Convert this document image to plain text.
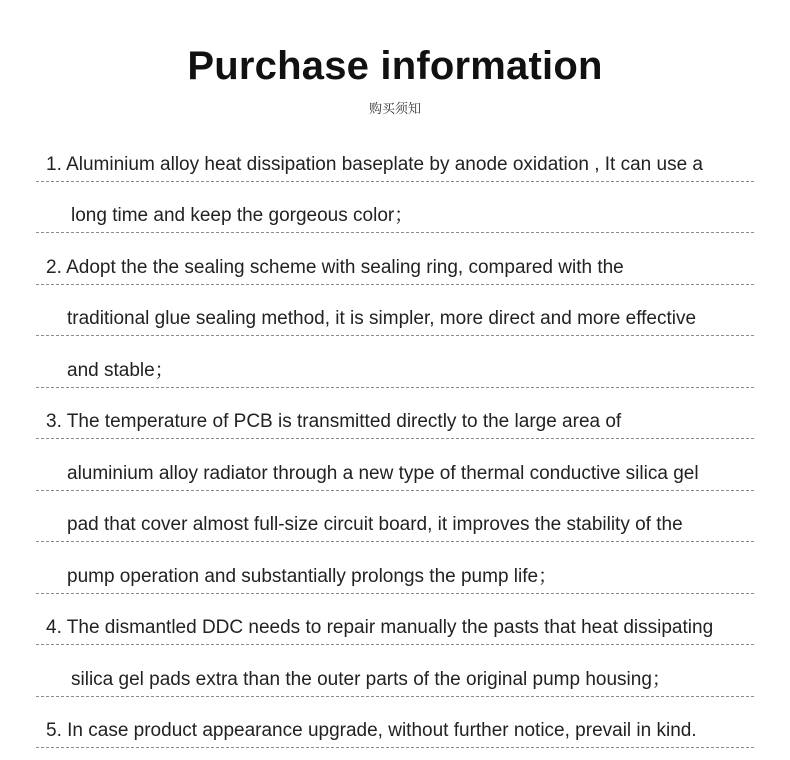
Purchase information
购买须知
1. Aluminium alloy heat dissipation baseplate by anode oxidation , It can use a
long time and keep the gorgeous color；
2. Adopt the the sealing scheme with sealing ring, compared with the
traditional glue sealing method, it is simpler, more direct and more effective
and stable；
3. The temperature of PCB is transmitted directly to the large area of
aluminium alloy radiator through a new type of thermal conductive silica gel
pad that cover almost full-size circuit board, it improves the stability of the
pump operation and substantially prolongs the pump life；
4. The dismantled DDC needs to repair manually the pasts that heat dissipating
silica gel pads extra than the outer parts of the original pump housing；
5. In case product appearance upgrade, without further notice, prevail in kind.
